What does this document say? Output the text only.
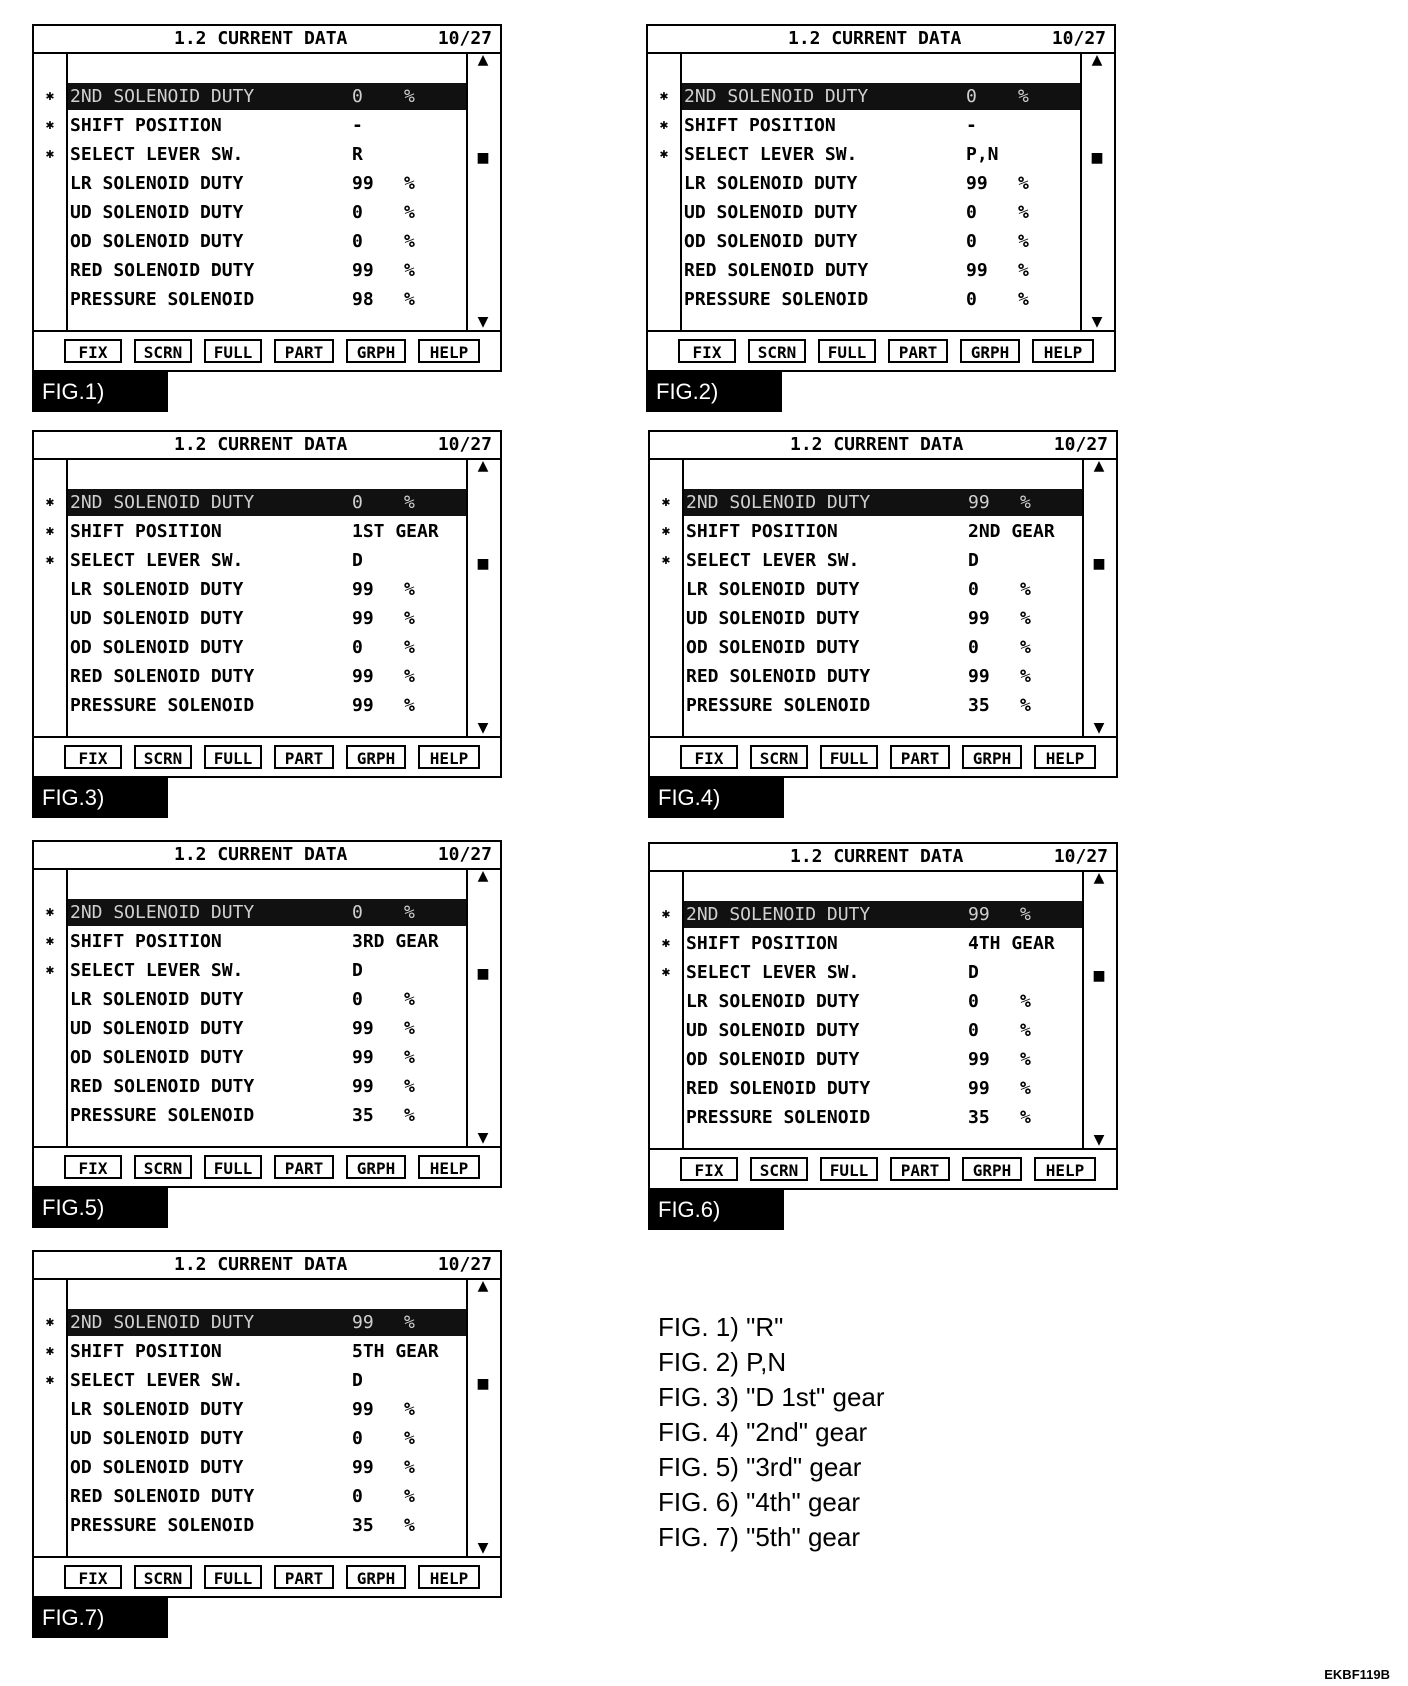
1.2 CURRENT DATA	10/27
▲
■
▼
✱ 2ND SOLENOID DUTY	0 %
✱ SHIFT POSITION	-
✱ SELECT LEVER SW.	R
LR SOLENOID DUTY	99 %
UD SOLENOID DUTY	0 %
OD SOLENOID DUTY	0 %
RED SOLENOID DUTY	99 %
PRESSURE SOLENOID	98 %
FIX	SCRN	FULL	PART	GRPH	HELP
FIG.1)
1.2 CURRENT DATA	10/27
▲
■
▼
✱ 2ND SOLENOID DUTY	0 %
✱ SHIFT POSITION	-
✱ SELECT LEVER SW.	P,N
LR SOLENOID DUTY	99 %
UD SOLENOID DUTY	0 %
OD SOLENOID DUTY	0 %
RED SOLENOID DUTY	99 %
PRESSURE SOLENOID	0 %
FIX	SCRN	FULL	PART	GRPH	HELP
FIG.2)
1.2 CURRENT DATA	10/27
▲
■
▼
✱ 2ND SOLENOID DUTY	0 %
✱ SHIFT POSITION	1ST GEAR
✱ SELECT LEVER SW.	D
LR SOLENOID DUTY	99 %
UD SOLENOID DUTY	99 %
OD SOLENOID DUTY	0 %
RED SOLENOID DUTY	99 %
PRESSURE SOLENOID	99 %
FIX	SCRN	FULL	PART	GRPH	HELP
FIG.3)
1.2 CURRENT DATA	10/27
▲
■
▼
✱ 2ND SOLENOID DUTY	99 %
✱ SHIFT POSITION	2ND GEAR
✱ SELECT LEVER SW.	D
LR SOLENOID DUTY	0 %
UD SOLENOID DUTY	99 %
OD SOLENOID DUTY	0 %
RED SOLENOID DUTY	99 %
PRESSURE SOLENOID	35 %
FIX	SCRN	FULL	PART	GRPH	HELP
FIG.4)
1.2 CURRENT DATA	10/27
▲
■
▼
✱ 2ND SOLENOID DUTY	0 %
✱ SHIFT POSITION	3RD GEAR
✱ SELECT LEVER SW.	D
LR SOLENOID DUTY	0 %
UD SOLENOID DUTY	99 %
OD SOLENOID DUTY	99 %
RED SOLENOID DUTY	99 %
PRESSURE SOLENOID	35 %
FIX	SCRN	FULL	PART	GRPH	HELP
FIG.5)
1.2 CURRENT DATA	10/27
▲
■
▼
✱ 2ND SOLENOID DUTY	99 %
✱ SHIFT POSITION	4TH GEAR
✱ SELECT LEVER SW.	D
LR SOLENOID DUTY	0 %
UD SOLENOID DUTY	0 %
OD SOLENOID DUTY	99 %
RED SOLENOID DUTY	99 %
PRESSURE SOLENOID	35 %
FIX	SCRN	FULL	PART	GRPH	HELP
FIG.6)
1.2 CURRENT DATA	10/27
▲
■
▼
✱ 2ND SOLENOID DUTY	99 %
✱ SHIFT POSITION	5TH GEAR
✱ SELECT LEVER SW.	D
LR SOLENOID DUTY	99 %
UD SOLENOID DUTY	0 %
OD SOLENOID DUTY	99 %
RED SOLENOID DUTY	0 %
PRESSURE SOLENOID	35 %
FIX	SCRN	FULL	PART	GRPH	HELP
FIG.7)
FIG. 1) "R"
FIG. 2) P,N
FIG. 3) "D 1st" gear
FIG. 4) "2nd" gear
FIG. 5) "3rd" gear
FIG. 6) "4th" gear
FIG. 7) "5th" gear
EKBF119B
